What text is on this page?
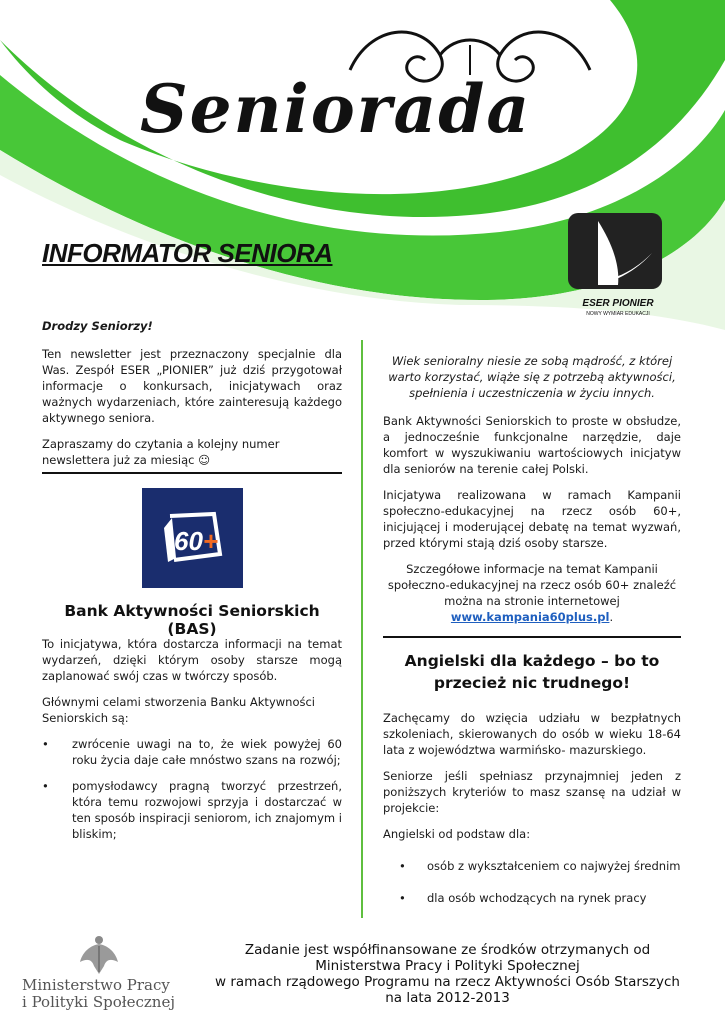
Seniorada
INFORMATOR SENIORA
ESER PIONIER
NOWY WYMIAR EDUKACJI

Drodzy Seniorzy!

Ten newsletter jest przeznaczony specjalnie dla Was. Zespół ESER „PIONIER” już dziś przygotował informacje o konkursach, inicjatywach oraz ważnych wydarzeniach, które zainteresują każdego aktywnego seniora.

Zapraszamy do czytania a kolejny numer newslettera już za miesiąc ☺

60+
Bank Aktywności Seniorskich (BAS)

To inicjatywa, która dostarcza informacji na temat wydarzeń, dzięki którym osoby starsze mogą zaplanować swój czas w twórczy sposób.

Głównymi celami stworzenia Banku Aktywności Seniorskich są:

•	zwrócenie uwagi na to, że wiek powyżej 60 roku życia daje całe mnóstwo szans na rozwój;
•	pomysłodawcy pragną tworzyć przestrzeń, która temu rozwojowi sprzyja i dostarczać w ten sposób inspiracji seniorom, ich znajomym i bliskim;

Wiek senioralny niesie ze sobą mądrość, z której warto korzystać, wiąże się z potrzebą aktywności, spełnienia i uczestniczenia w życiu innych.

Bank Aktywności Seniorskich to proste w obsłudze, a jednocześnie funkcjonalne narzędzie, daje komfort w wyszukiwaniu wartościowych inicjatyw dla seniorów na terenie całej Polski.

Inicjatywa realizowana w ramach Kampanii społeczno-edukacyjnej na rzecz osób 60+, inicjującej i moderującej debatę na temat wyzwań, przed którymi stają dziś osoby starsze.

Szczegółowe informacje na temat Kampanii społeczno-edukacyjnej na rzecz osób 60+ znaleźć można na stronie internetowej
www.kampania60plus.pl.

Angielski dla każdego – bo to przecież nic trudnego!

Zachęcamy do wzięcia udziału w bezpłatnych szkoleniach, skierowanych do osób w wieku 18-64 lata z województwa warmińsko- mazurskiego.

Seniorze jeśli spełniasz przynajmniej jeden z poniższych kryteriów to masz szansę na udział w projekcie:

Angielski od podstaw dla:

•	osób z wykształceniem co najwyżej średnim
•	dla osób wchodzących na rynek pracy
Ministerstwo Pracy
i Polityki Społecznej
Zadanie jest współfinansowane ze środków otrzymanych od
Ministerstwa Pracy i Polityki Społecznej
w ramach rządowego Programu na rzecz Aktywności Osób Starszych
na lata 2012-2013
